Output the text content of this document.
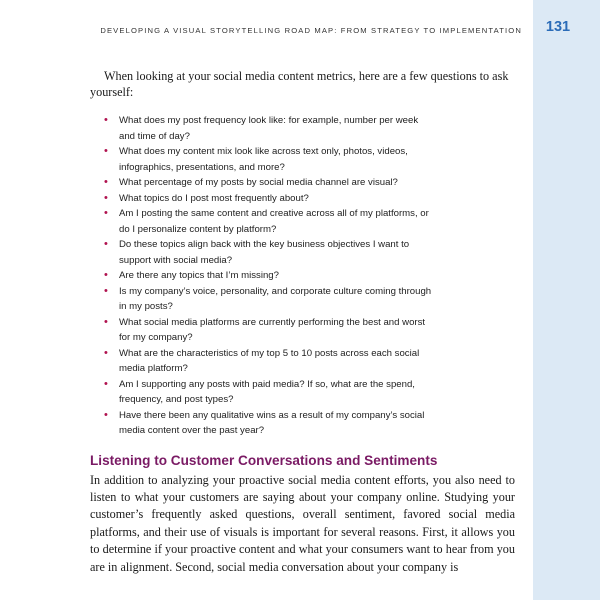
DEVELOPING A VISUAL STORYTELLING ROAD MAP: FROM STRATEGY TO IMPLEMENTATION	131

When looking at your social media content metrics, here are a few questions to ask yourself:

• What does my post frequency look like: for example, number per week and time of day?
• What does my content mix look like across text only, photos, videos, infographics, presentations, and more?
• What percentage of my posts by social media channel are visual?
• What topics do I post most frequently about?
• Am I posting the same content and creative across all of my platforms, or do I personalize content by platform?
• Do these topics align back with the key business objectives I want to support with social media?
• Are there any topics that I’m missing?
• Is my company’s voice, personality, and corporate culture coming through in my posts?
• What social media platforms are currently performing the best and worst for my company?
• What are the characteristics of my top 5 to 10 posts across each social media platform?
• Am I supporting any posts with paid media? If so, what are the spend, frequency, and post types?
• Have there been any qualitative wins as a result of my company’s social media content over the past year?
Listening to Customer Conversations and Sentiments

In addition to analyzing your proactive social media content efforts, you also need to listen to what your customers are saying about your company online. Studying your customer’s frequently asked questions, overall sentiment, favored social media platforms, and their use of visuals is important for several reasons. First, it allows you to determine if your proactive content and what your consumers want to hear from you are in alignment. Second, social media conversation about your company is
